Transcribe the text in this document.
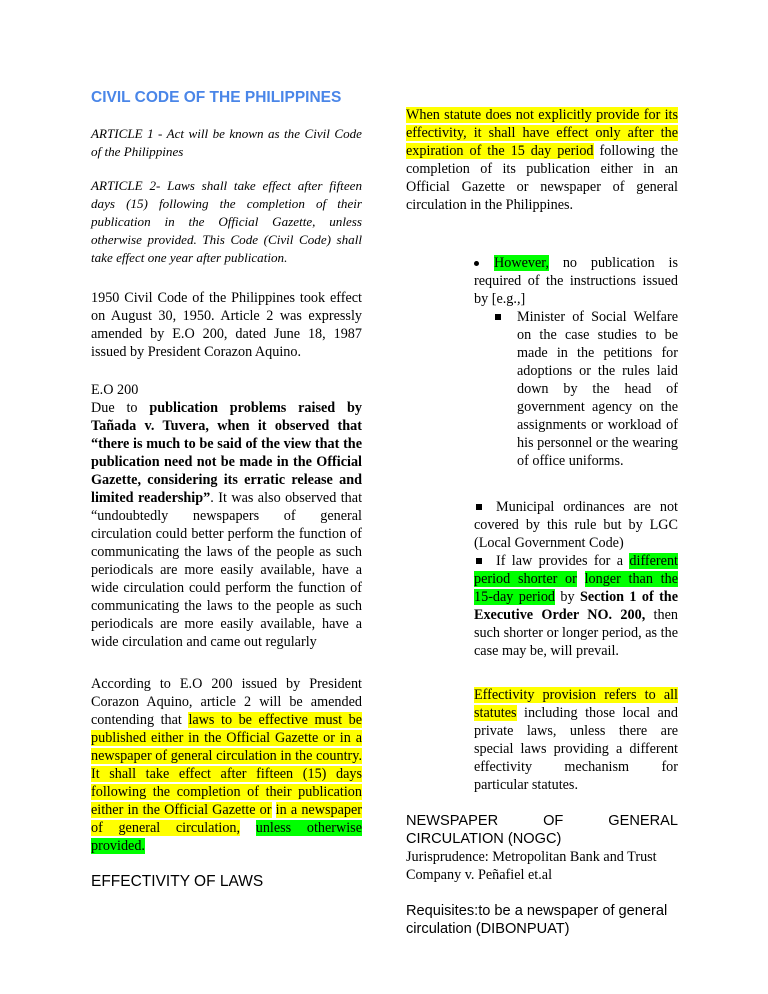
CIVIL CODE OF THE PHILIPPINES

ARTICLE 1 - Act will be known as the Civil Code of the Philippines

ARTICLE 2- Laws shall take effect after fifteen days (15) following the completion of their publication in the Official Gazette, unless otherwise provided. This Code (Civil Code) shall take effect one year after publication.

1950 Civil Code of the Philippines took effect on August 30, 1950. Article 2 was expressly amended by E.O 200, dated June 18, 1987 issued by President Corazon Aquino.

E.O 200

Due to publication problems raised by Tañada v. Tuvera, when it observed that “there is much to be said of the view that the publication need not be made in the Official Gazette, considering its erratic release and limited readership”. It was also observed that “undoubtedly newspapers of general circulation could better perform the function of communicating the laws of the people as such periodicals are more easily available, have a wide circulation could perform the function of communicating the laws to the people as such periodicals are more easily available, have a wide circulation and came out regularly

According to E.O 200 issued by President Corazon Aquino, article 2 will be amended contending that laws to be effective must be published either in the Official Gazette or in a newspaper of general circulation in the country. It shall take effect after fifteen (15) days following the completion of their publication either in the Official Gazette or in a newspaper of general circulation, unless otherwise provided.

EFFECTIVITY OF LAWS

When statute does not explicitly provide for its effectivity, it shall have effect only after the expiration of the 15 day period following the completion of its publication either in an Official Gazette or newspaper of general circulation in the Philippines.

However, no publication is required of the instructions issued by [e.g.,]

Minister of Social Welfare on the case studies to be made in the petitions for adoptions or the rules laid down by the head of government agency on the assignments or workload of his personnel or the wearing of office uniforms.

Municipal ordinances are not covered by this rule but by LGC (Local Government Code)

If law provides for a different period shorter or longer than the 15-day period by Section 1 of the Executive Order NO. 200, then such shorter or longer period, as the case may be, will prevail.

Effectivity provision refers to all statutes including those local and private laws, unless there are special laws providing a different effectivity mechanism for particular statutes.

NEWSPAPER OF GENERAL

CIRCULATION (NOGC)

Jurisprudence: Metropolitan Bank and Trust Company v. Peñafiel et.al

Requisites:to be a newspaper of general

circulation (DIBONPUAT)
